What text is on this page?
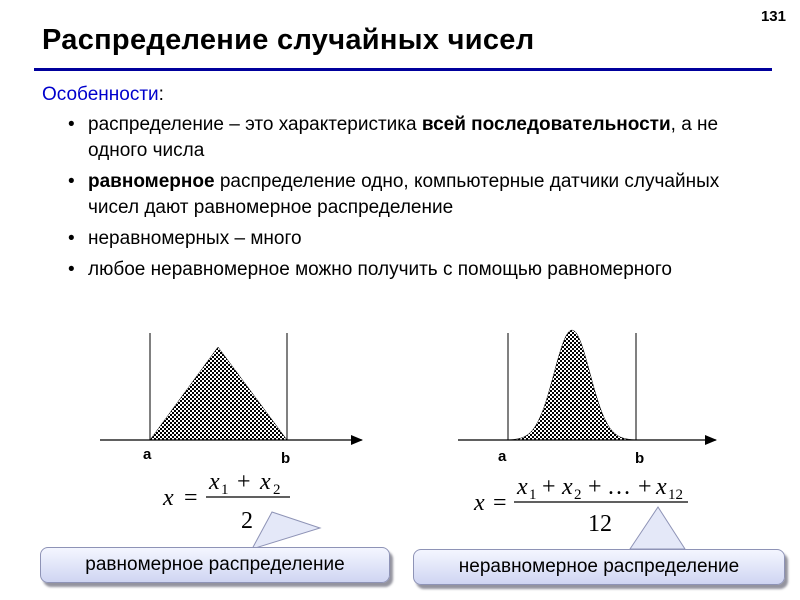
131
Распределение случайных чисел
Особенности:
• распределение – это характеристика всей последовательности, а не одного числа
• равномерное распределение одно, компьютерные датчики случайных чисел дают равномерное распределение
• неравномерных – много
• любое неравномерное можно получить с помощью равномерного
a	b	a	b
x =
x 1 + x 2
2
x =
x 1 + x 2 + … + x 12
12
равномерное распределение	неравномерное распределение
